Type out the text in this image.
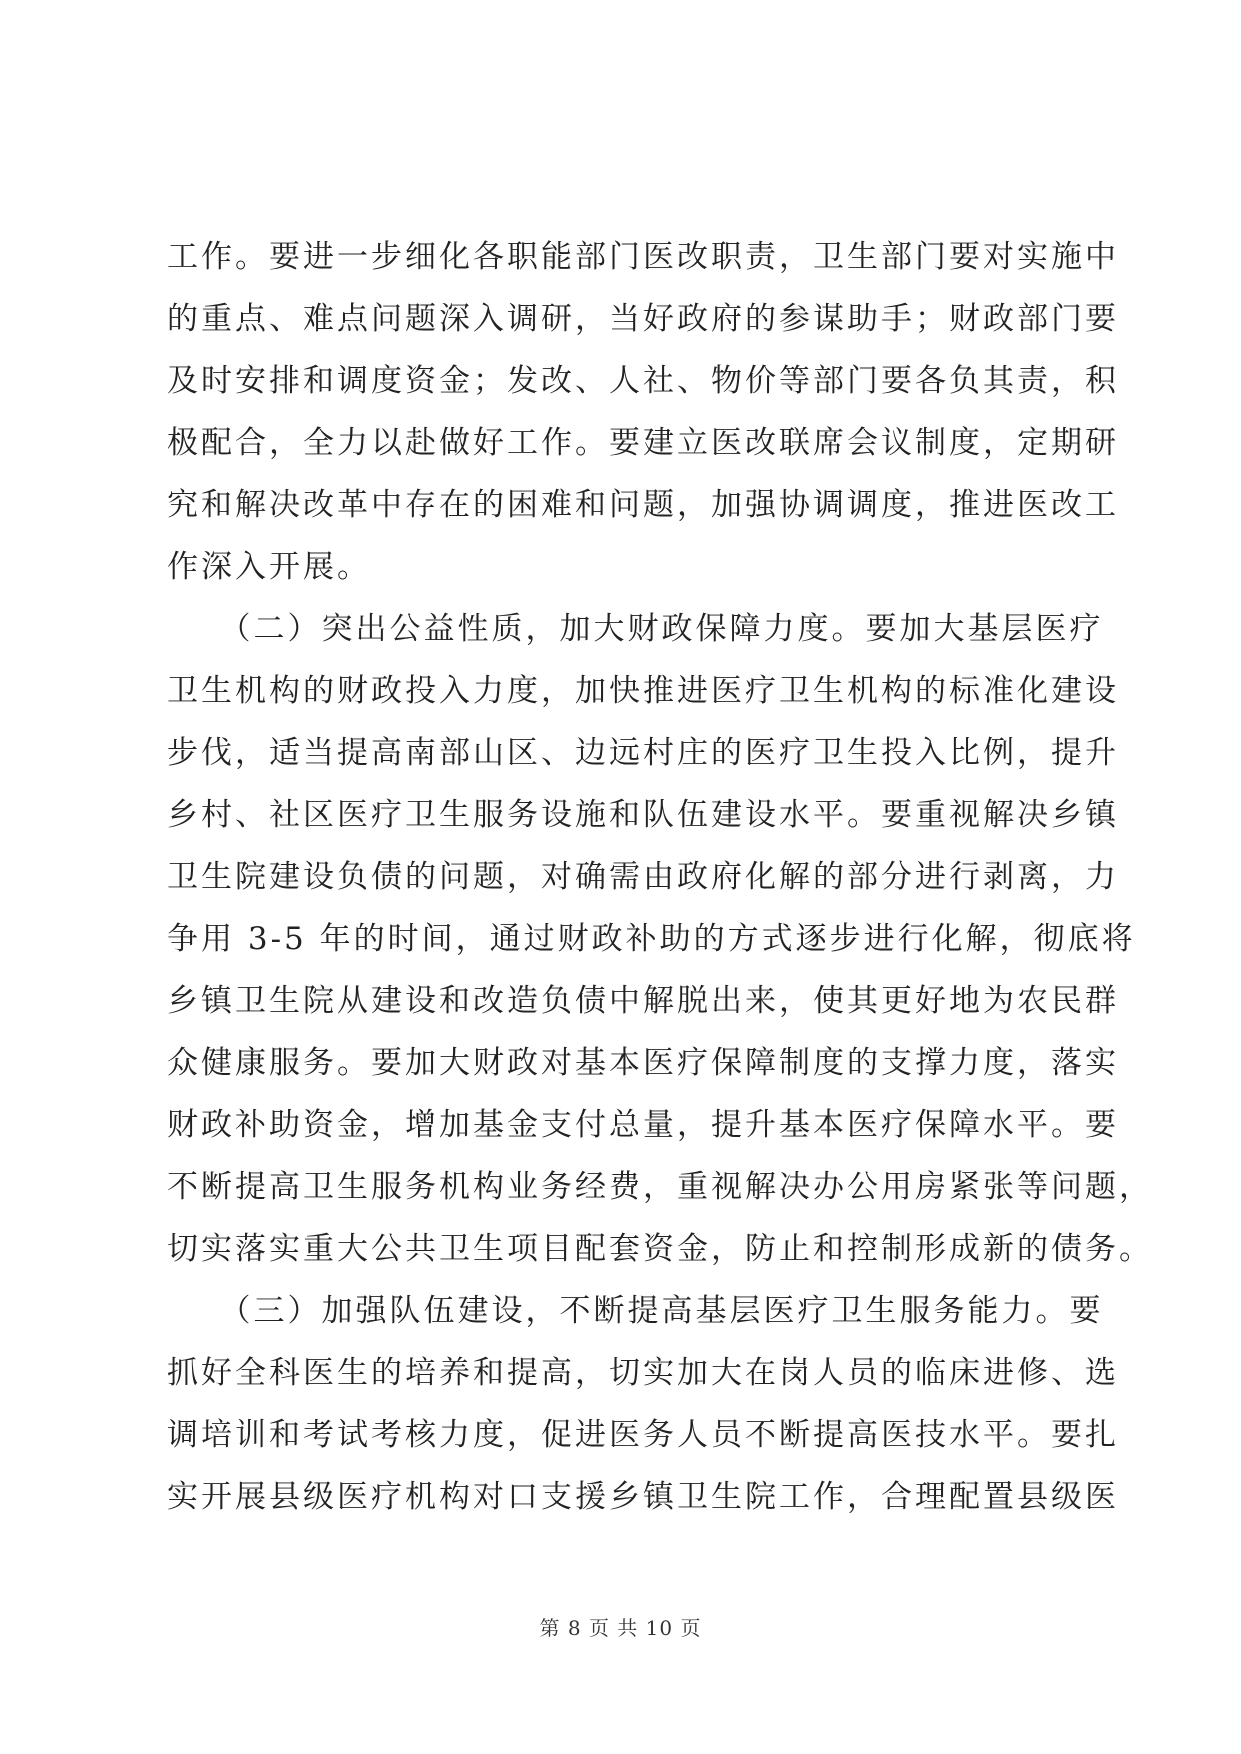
工作。要进一步细化各职能部门医改职责，卫生部门要对实施中
的重点、难点问题深入调研，当好政府的参谋助手；财政部门要
及时安排和调度资金；发改、人社、物价等部门要各负其责，积
极配合，全力以赴做好工作。要建立医改联席会议制度，定期研
究和解决改革中存在的困难和问题，加强协调调度，推进医改工
作深入开展。
　　（二）突出公益性质，加大财政保障力度。要加大基层医疗
卫生机构的财政投入力度，加快推进医疗卫生机构的标准化建设
步伐，适当提高南部山区、边远村庄的医疗卫生投入比例，提升
乡村、社区医疗卫生服务设施和队伍建设水平。要重视解决乡镇
卫生院建设负债的问题，对确需由政府化解的部分进行剥离，力
争用 3-5 年的时间，通过财政补助的方式逐步进行化解，彻底将
乡镇卫生院从建设和改造负债中解脱出来，使其更好地为农民群
众健康服务。要加大财政对基本医疗保障制度的支撑力度，落实
财政补助资金，增加基金支付总量，提升基本医疗保障水平。要
不断提高卫生服务机构业务经费，重视解决办公用房紧张等问题，
切实落实重大公共卫生项目配套资金，防止和控制形成新的债务。
　　（三）加强队伍建设，不断提高基层医疗卫生服务能力。要
抓好全科医生的培养和提高，切实加大在岗人员的临床进修、选
调培训和考试考核力度，促进医务人员不断提高医技水平。要扎
实开展县级医疗机构对口支援乡镇卫生院工作，合理配置县级医
第 8 页 共 10 页
